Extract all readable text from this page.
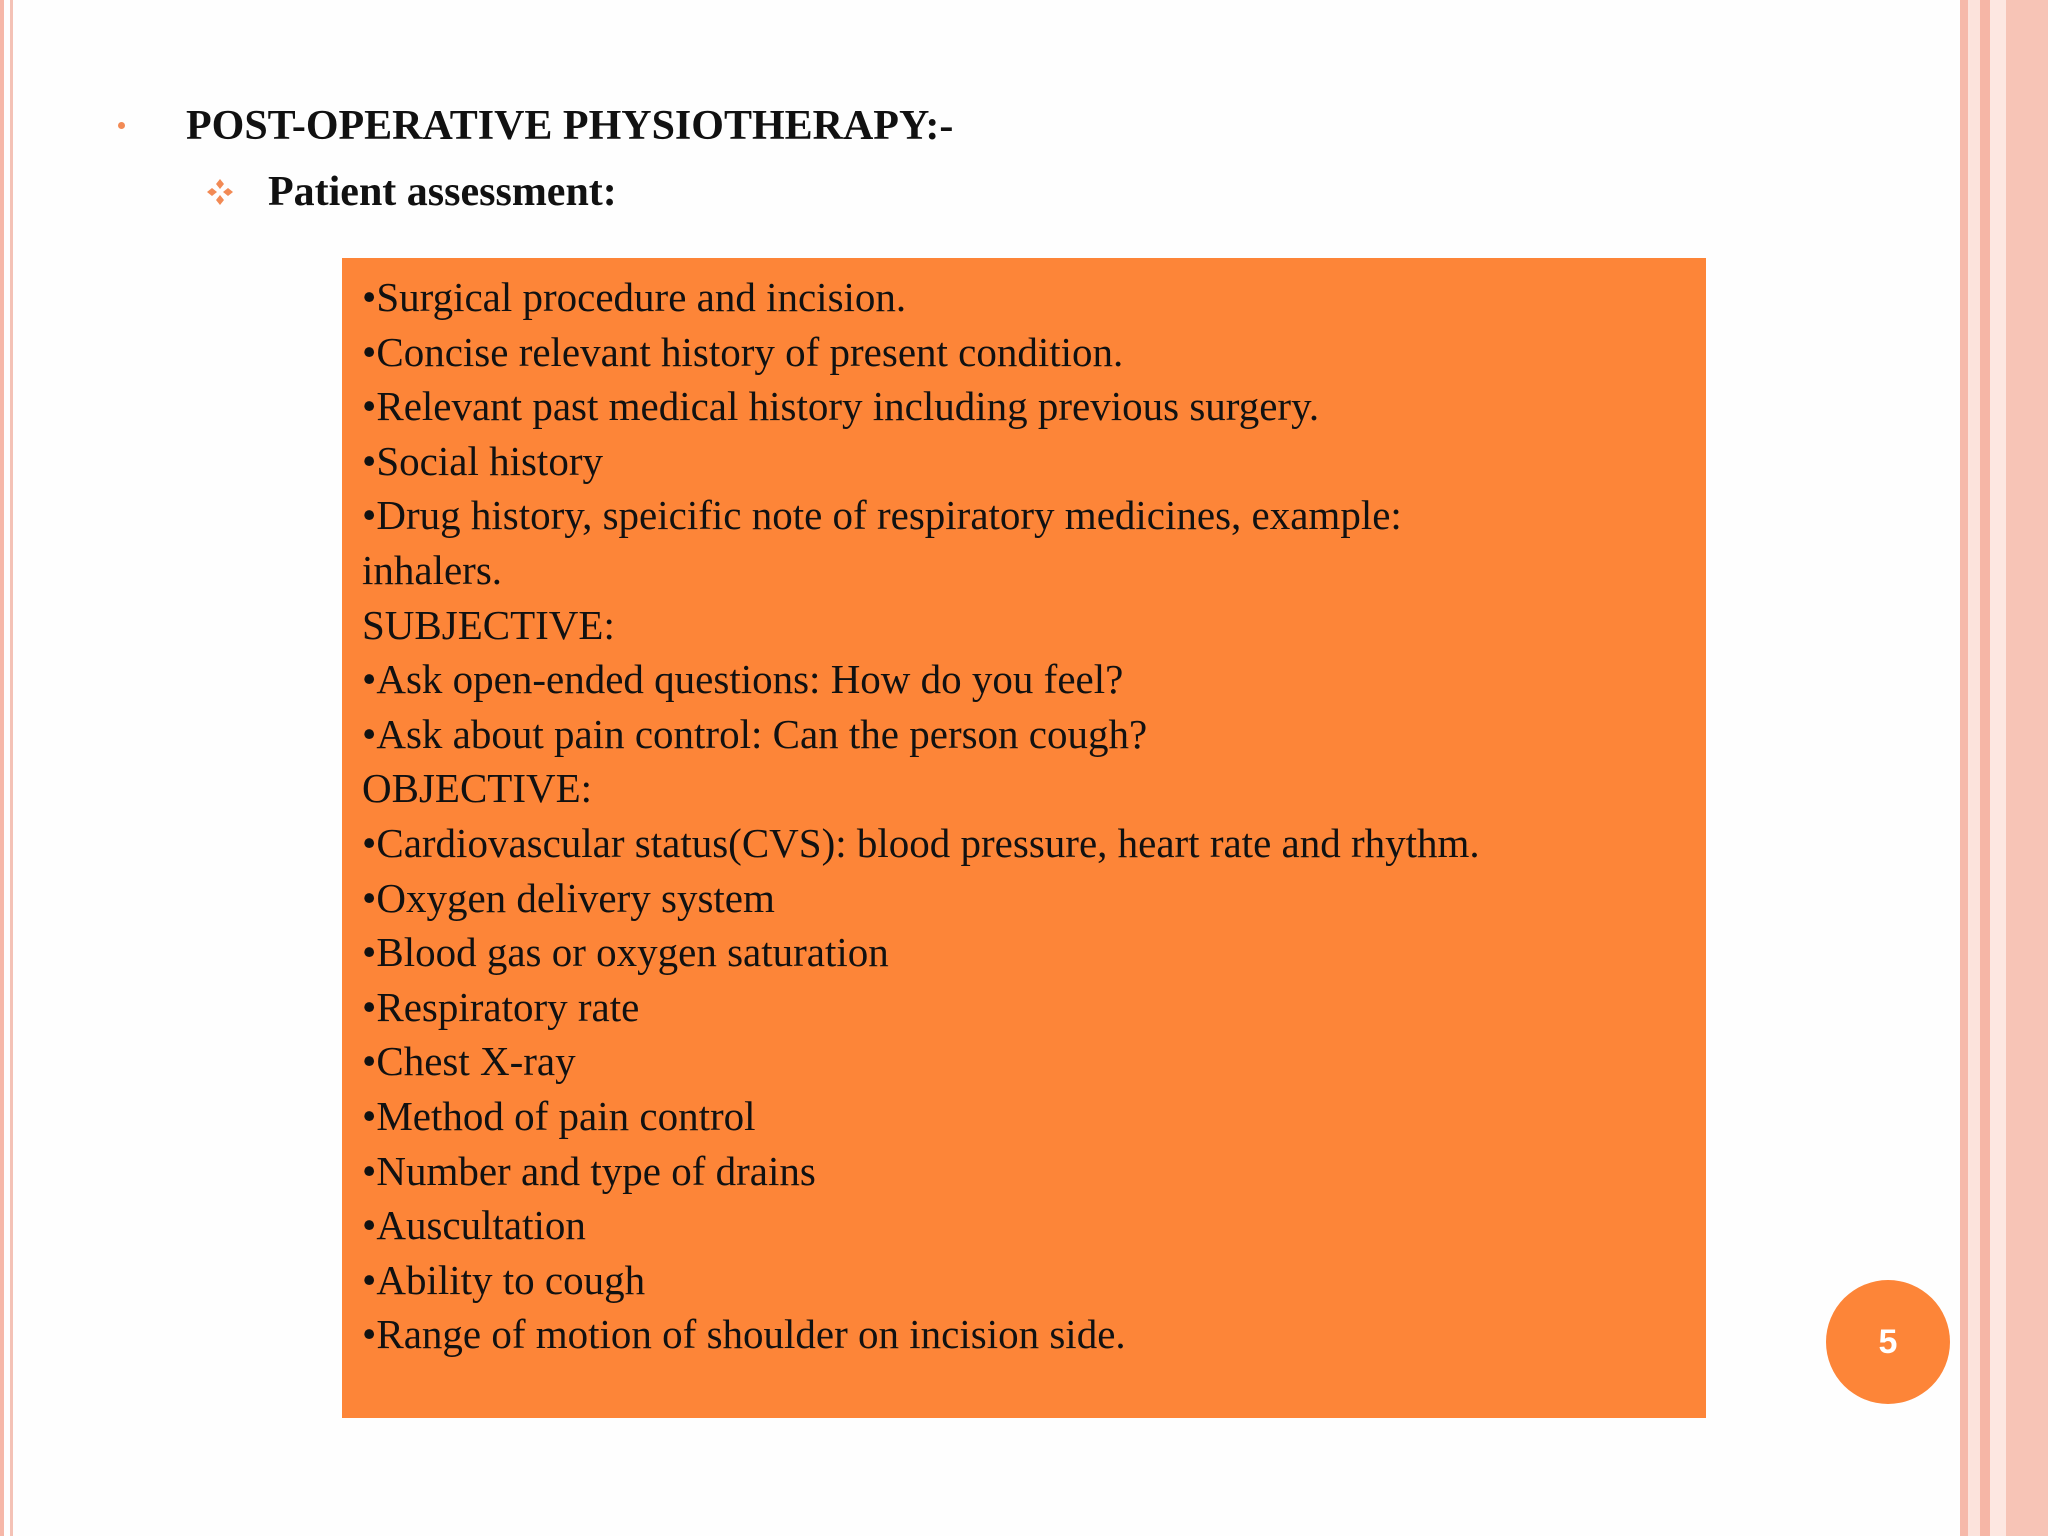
POST-OPERATIVE PHYSIOTHERAPY:-
Patient assessment:
•Surgical procedure and incision.
•Concise relevant history of present condition.
•Relevant past medical history including previous surgery.
•Social history
•Drug history, speicific note of respiratory medicines, example:
inhalers.
SUBJECTIVE:
•Ask open-ended questions: How do you feel?
•Ask about pain control: Can the person cough?
OBJECTIVE:
•Cardiovascular status(CVS): blood pressure, heart rate and rhythm.
•Oxygen delivery system
•Blood gas or oxygen saturation
•Respiratory rate
•Chest X-ray
•Method of pain control
•Number and type of drains
•Auscultation
•Ability to cough
•Range of motion of shoulder on incision side.	5
